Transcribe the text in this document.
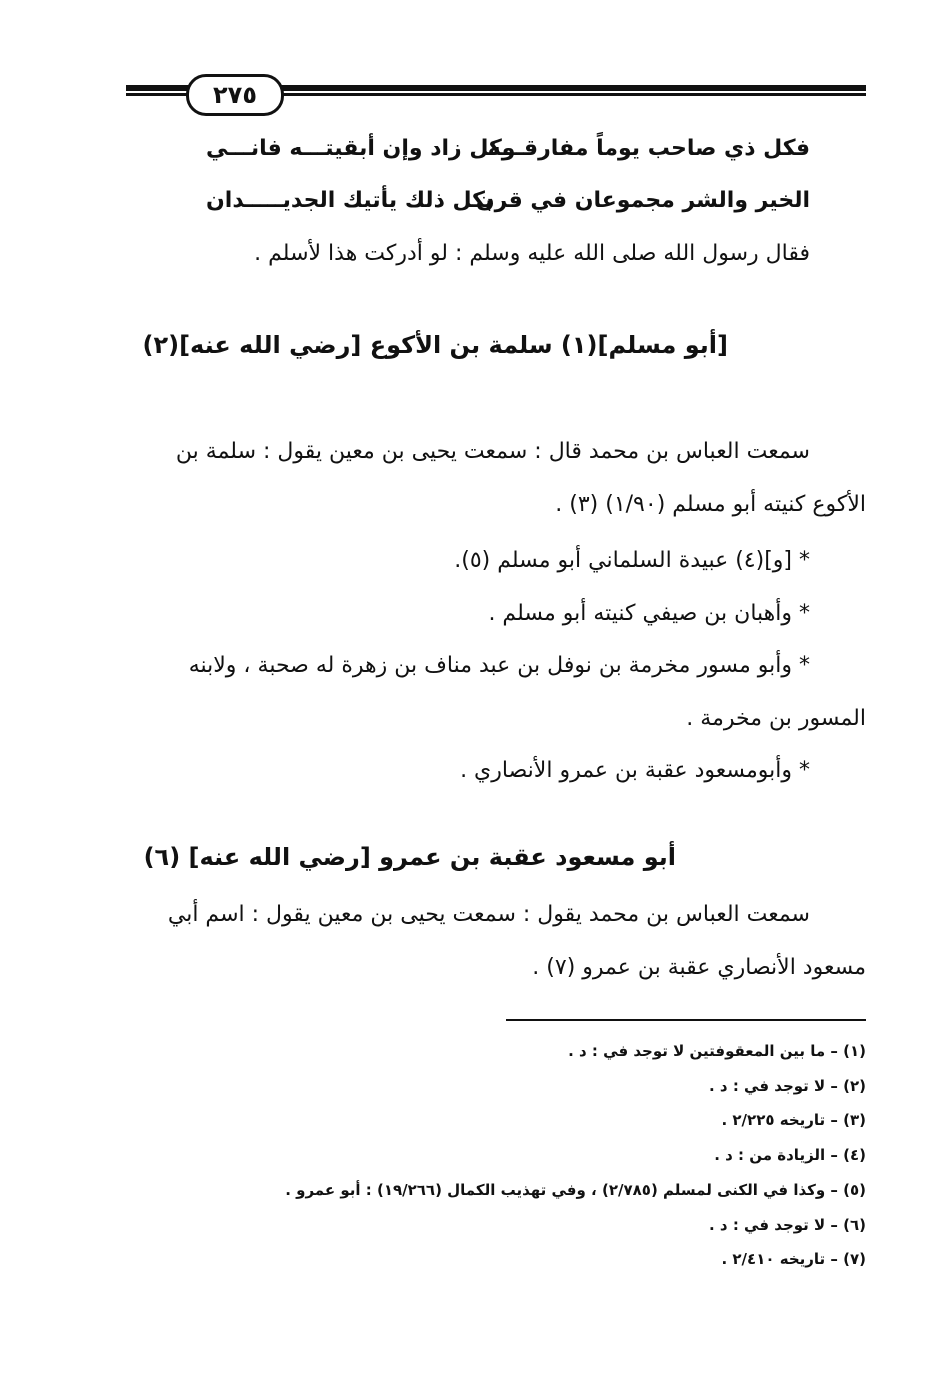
٢٧٥
فكل ذي صاحب يوماً مفارقـــه
وكل زاد وإن أبقيتـــه فانـــي
الخير والشر مجموعان في قرن
بكل ذلك يأتيك الجديـــــدان
فقال رسول الله صلى الله عليه وسلم : لو أدركت هذا لأسلم .
[أبو مسلم](١) سلمة بن الأكوع [رضي الله عنه](٢)
سمعت العباس بن محمد قال : سمعت يحيى بن معين يقول : سلمة بن
الأكوع كنيته أبو مسلم (١/٩٠) (٣) .
* [و](٤) عبيدة السلماني أبو مسلم (٥).
* وأهبان بن صيفي كنيته أبو مسلم .
* وأبو مسور مخرمة بن نوفل بن عبد مناف بن زهرة له صحبة ، ولابنه
المسور بن مخرمة .
* وأبومسعود عقبة بن عمرو الأنصاري .
أبو مسعود عقبة بن عمرو [رضي الله عنه] (٦)
سمعت العباس بن محمد يقول : سمعت يحيى بن معين يقول : اسم أبي
مسعود الأنصاري عقبة بن عمرو (٧) .
(١) – ما بين المعقوفتين لا توجد في : د .
(٢) – لا توجد في : د .
(٣) – تاريخه ٢/٢٢٥ .
(٤) – الزيادة من : د .
(٥) – وكذا في الكنى لمسلم (٢/٧٨٥) ، وفي تهذيب الكمال (١٩/٢٦٦) : أبو عمرو .
(٦) – لا توجد في : د .
(٧) – تاريخه ٢/٤١٠ .
